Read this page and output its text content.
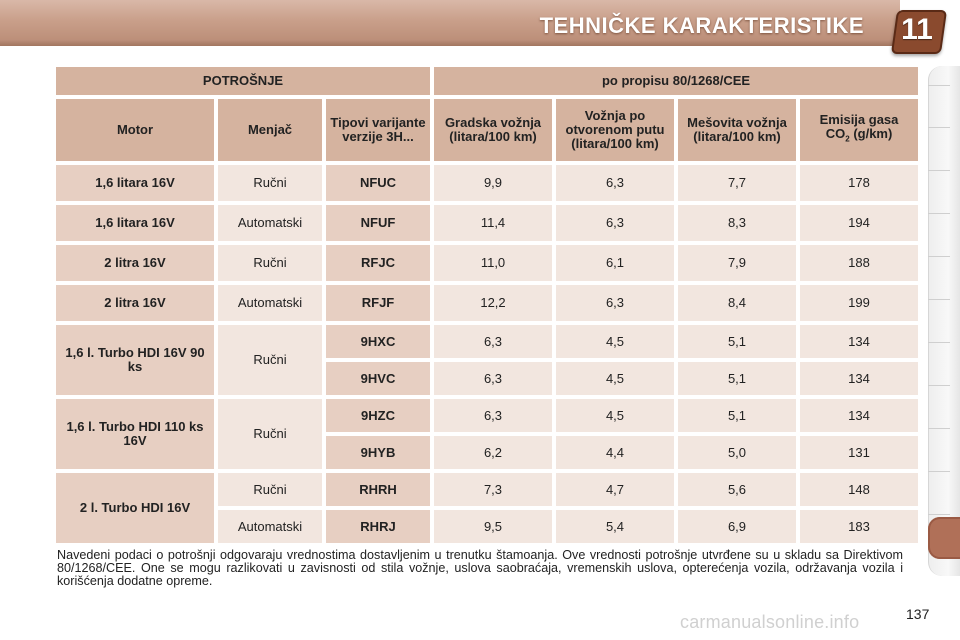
TEHNIČKE KARAKTERISTIKE 11
POTROŠNJE			po propisu 80/1268/CEE			
Motor	Menjač	Tipovi varijante verzije 3H...	Gradska vožnja (litara/100 km)	Vožnja po otvorenom putu (litara/100 km)	Mešovita vožnja (litara/100 km)	Emisija gasa
$CO_2$ (g/km)
1,6 litara 16V	Ručni	NFUC	9,9	6,3	7,7	178
1,6 litara 16V	Automatski	NFUF	11,4	6,3	8,3	194
2 litra 16V	Ručni	RFJC	11,0	6,1	7,9	188
2 litra 16V	Automatski	RFJF	12,2	6,3	8,4	199
1,6 l. Turbo HDI 16V 90 ks	Ručni	9HXC	6,3	4,5	5,1	134
		9HVC	6,3	4,5	5,1	134
1,6 l. Turbo HDI 110 ks 16V	Ručni	9HZC	6,3	4,5	5,1	134
		9HYB	6,2	4,4	5,0	131
2 l. Turbo HDI 16V	Ručni	RHRH	7,3	4,7	5,6	148
	Automatski	RHRJ	9,5	5,4	6,9	183
Navedeni podaci o potrošnji odgovaraju vrednostima dostavljenim u trenutku štamoanja. Ove vrednosti potrošnje utvrđene su u skladu sa Direktivom 80/1268/CEE. One se mogu razlikovati u zavisnosti od stila vožnje, uslova saobraćaja, vremenskih uslova, opterećenja vozila, održavanja vozila i korišćenja dodatne opreme.
137
carmanualsonline.info
